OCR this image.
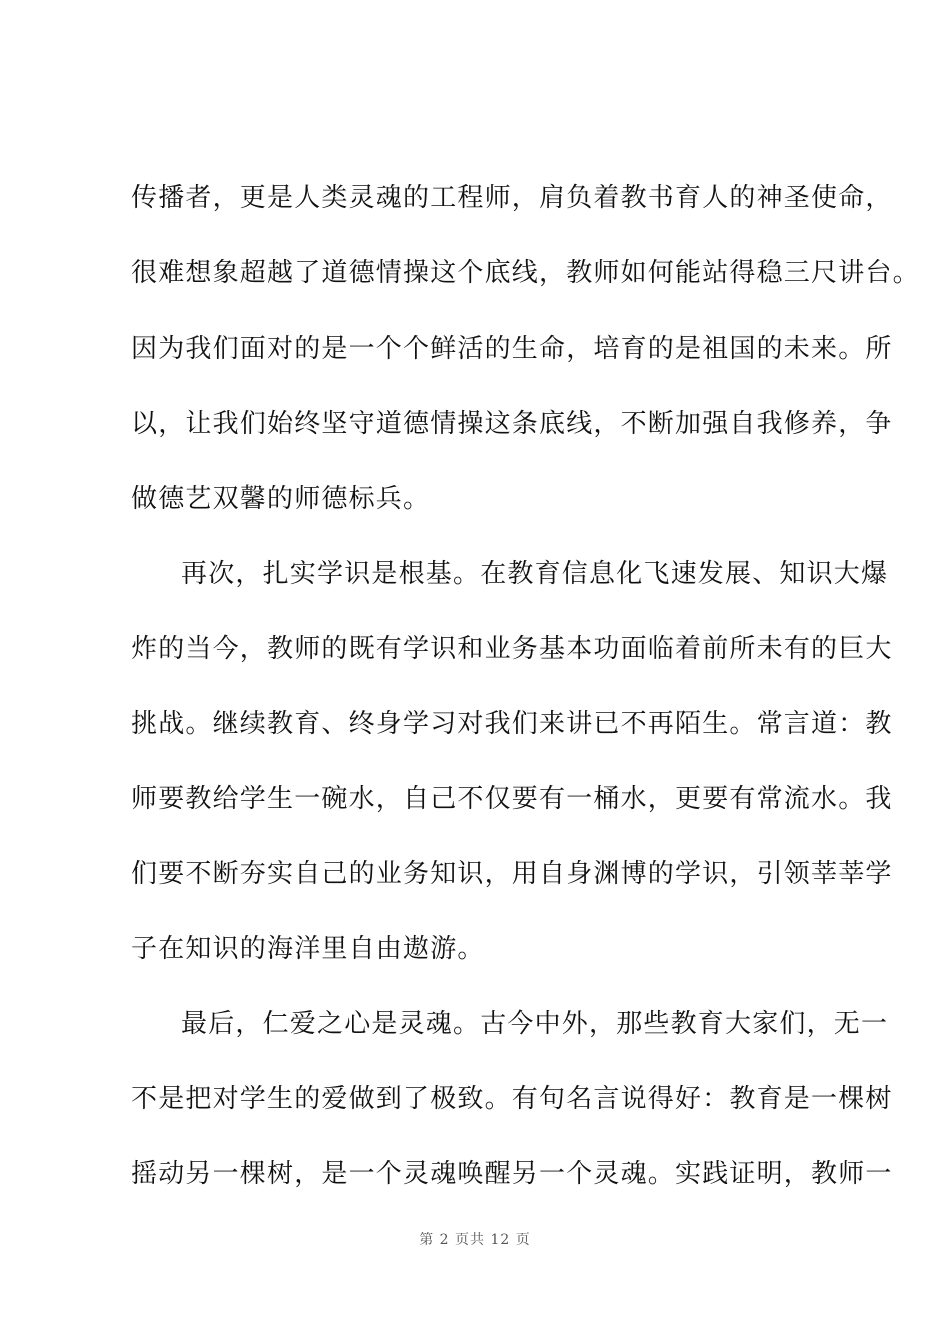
传播者，更是人类灵魂的工程师，肩负着教书育人的神圣使命，
很难想象超越了道德情操这个底线，教师如何能站得稳三尺讲台。
因为我们面对的是一个个鲜活的生命，培育的是祖国的未来。所
以，让我们始终坚守道德情操这条底线，不断加强自我修养，争
做德艺双馨的师德标兵。
再次，扎实学识是根基。在教育信息化飞速发展、知识大爆
炸的当今，教师的既有学识和业务基本功面临着前所未有的巨大
挑战。继续教育、终身学习对我们来讲已不再陌生。常言道：教
师要教给学生一碗水，自己不仅要有一桶水，更要有常流水。我
们要不断夯实自己的业务知识，用自身渊博的学识，引领莘莘学
子在知识的海洋里自由遨游。
最后，仁爱之心是灵魂。古今中外，那些教育大家们，无一
不是把对学生的爱做到了极致。有句名言说得好：教育是一棵树
摇动另一棵树，是一个灵魂唤醒另一个灵魂。实践证明，教师一
第 2 页共 12 页
